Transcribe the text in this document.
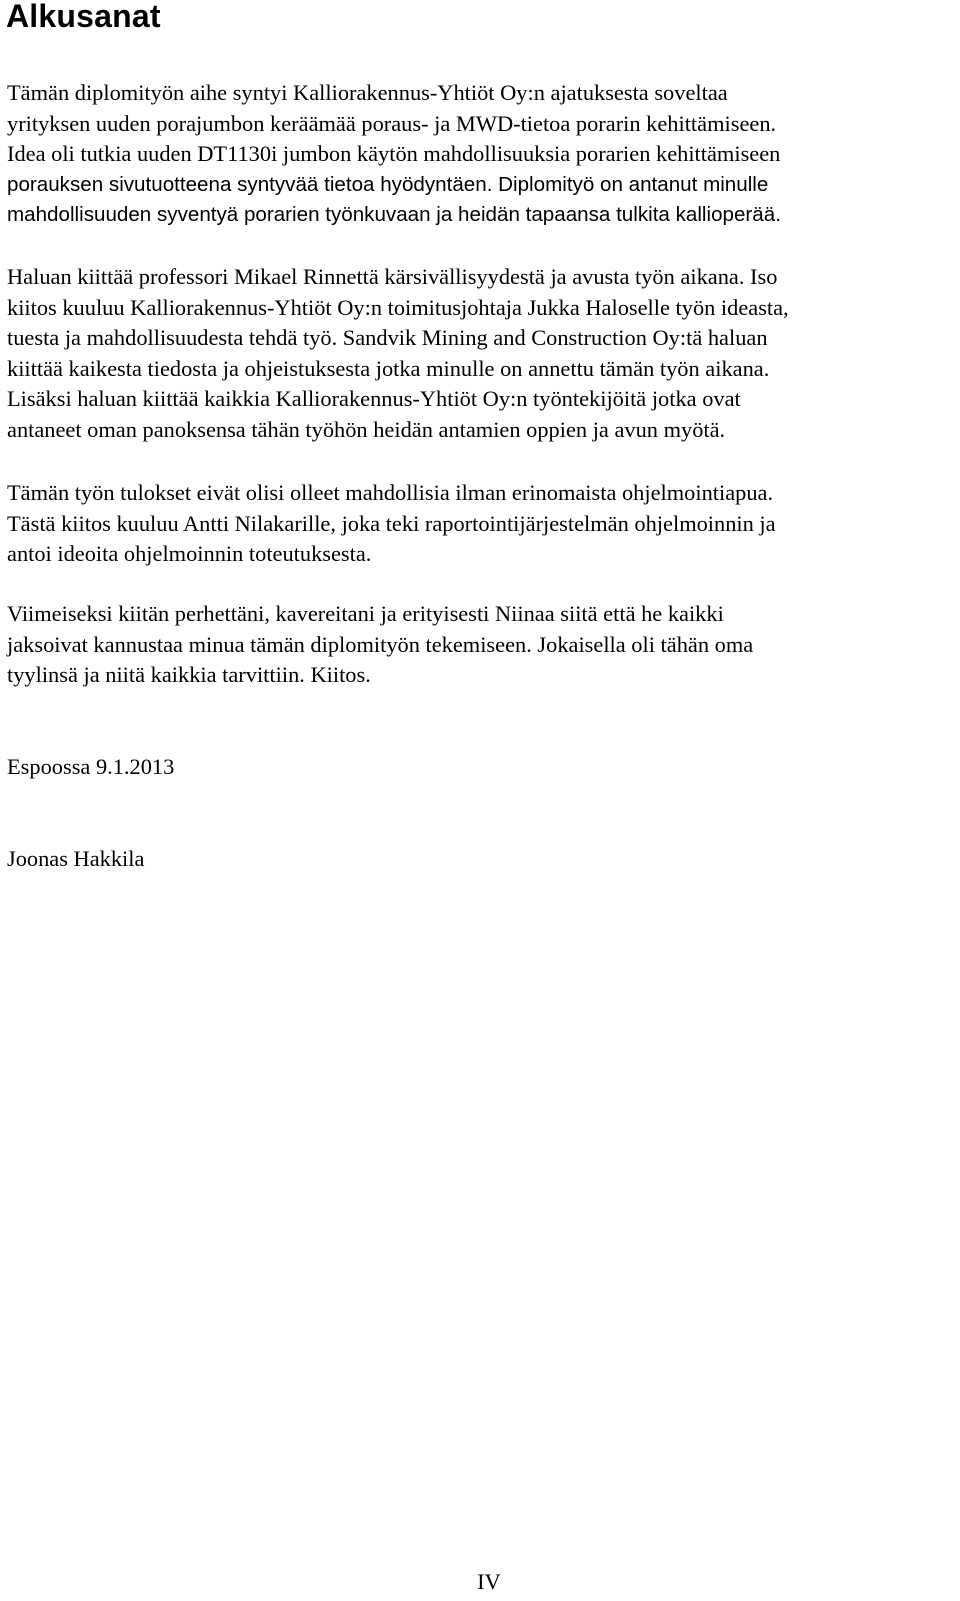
Alkusanat

Tämän diplomityön aihe syntyi Kalliorakennus-Yhtiöt Oy:n ajatuksesta soveltaa
yrityksen uuden porajumbon keräämää poraus- ja MWD-tietoa porarin kehittämiseen.
Idea oli tutkia uuden DT1130i jumbon käytön mahdollisuuksia porarien kehittämiseen
porauksen sivutuotteena syntyvää tietoa hyödyntäen. Diplomityö on antanut minulle
mahdollisuuden syventyä porarien työnkuvaan ja heidän tapaansa tulkita kallioperää.

Haluan kiittää professori Mikael Rinnettä kärsivällisyydestä ja avusta työn aikana. Iso
kiitos kuuluu Kalliorakennus-Yhtiöt Oy:n toimitusjohtaja Jukka Haloselle työn ideasta,
tuesta ja mahdollisuudesta tehdä työ. Sandvik Mining and Construction Oy:tä haluan
kiittää kaikesta tiedosta ja ohjeistuksesta jotka minulle on annettu tämän työn aikana.
Lisäksi haluan kiittää kaikkia Kalliorakennus-Yhtiöt Oy:n työntekijöitä jotka ovat
antaneet oman panoksensa tähän työhön heidän antamien oppien ja avun myötä.

Tämän työn tulokset eivät olisi olleet mahdollisia ilman erinomaista ohjelmointiapua.
Tästä kiitos kuuluu Antti Nilakarille, joka teki raportointijärjestelmän ohjelmoinnin ja
antoi ideoita ohjelmoinnin toteutuksesta.

Viimeiseksi kiitän perhettäni, kavereitani ja erityisesti Niinaa siitä että he kaikki
jaksoivat kannustaa minua tämän diplomityön tekemiseen. Jokaisella oli tähän oma
tyylinsä ja niitä kaikkia tarvittiin. Kiitos.

Espoossa 9.1.2013

Joonas Hakkila

IV
